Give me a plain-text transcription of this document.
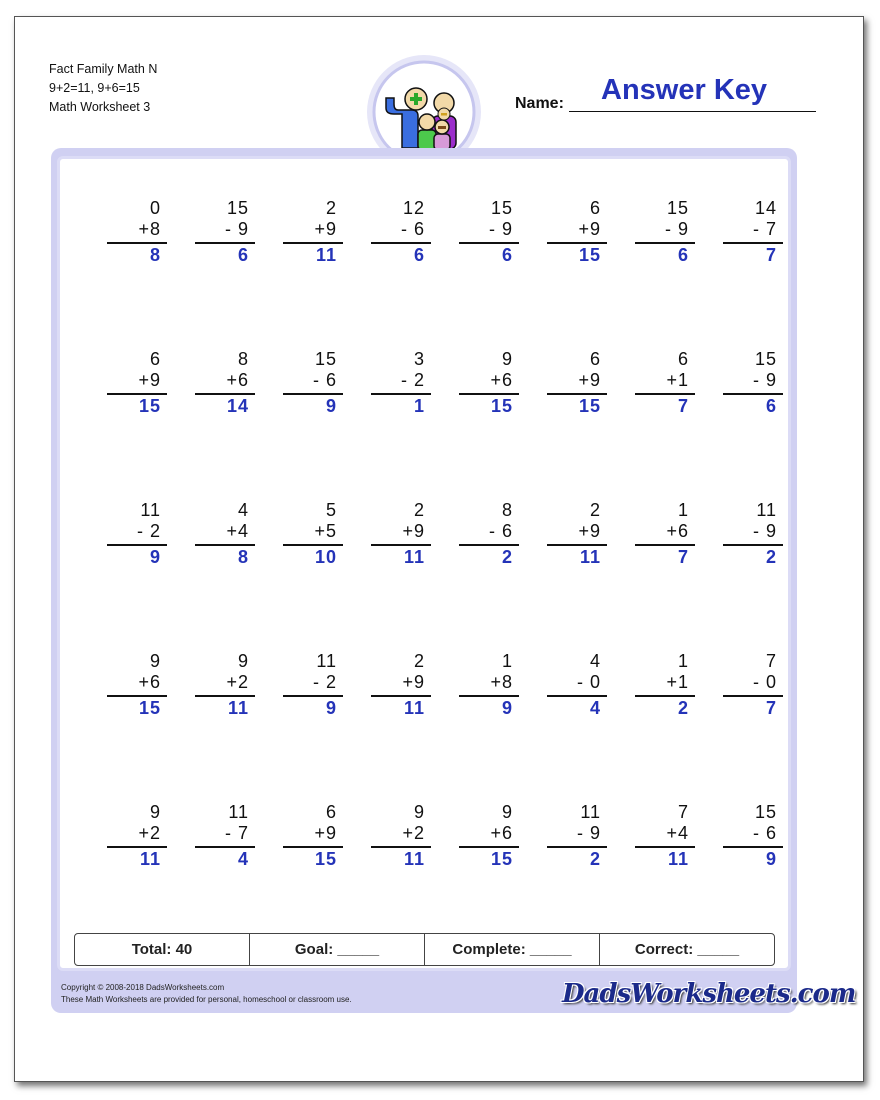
Fact Family Math N
9+2=11, 9+6=15
Math Worksheet 3	Name: Answer Key
0
+8
8
15
- 9
6
2
+9
11
12
- 6
6
15
- 9
6
6
+9
15
15
- 9
6
14
- 7
7
6
+9
15
8
+6
14
15
- 6
9
3
- 2
1
9
+6
15
6
+9
15
6
+1
7
15
- 9
6
11
- 2
9
4
+4
8
5
+5
10
2
+9
11
8
- 6
2
2
+9
11
1
+6
7
11
- 9
2
9
+6
15
9
+2
11
11
- 2
9
2
+9
11
1
+8
9
4
- 0
4
1
+1
2
7
- 0
7
9
+2
11
11
- 7
4
6
+9
15
9
+2
11
9
+6
15
11
- 9
2
7
+4
11
15
- 6
9
Total: 40	Goal: _____	Complete: _____	Correct: _____
Copyright © 2008-2018 DadsWorksheets.com
These Math Worksheets are provided for personal, homeschool or classroom use.	DadsWorksheets.com
